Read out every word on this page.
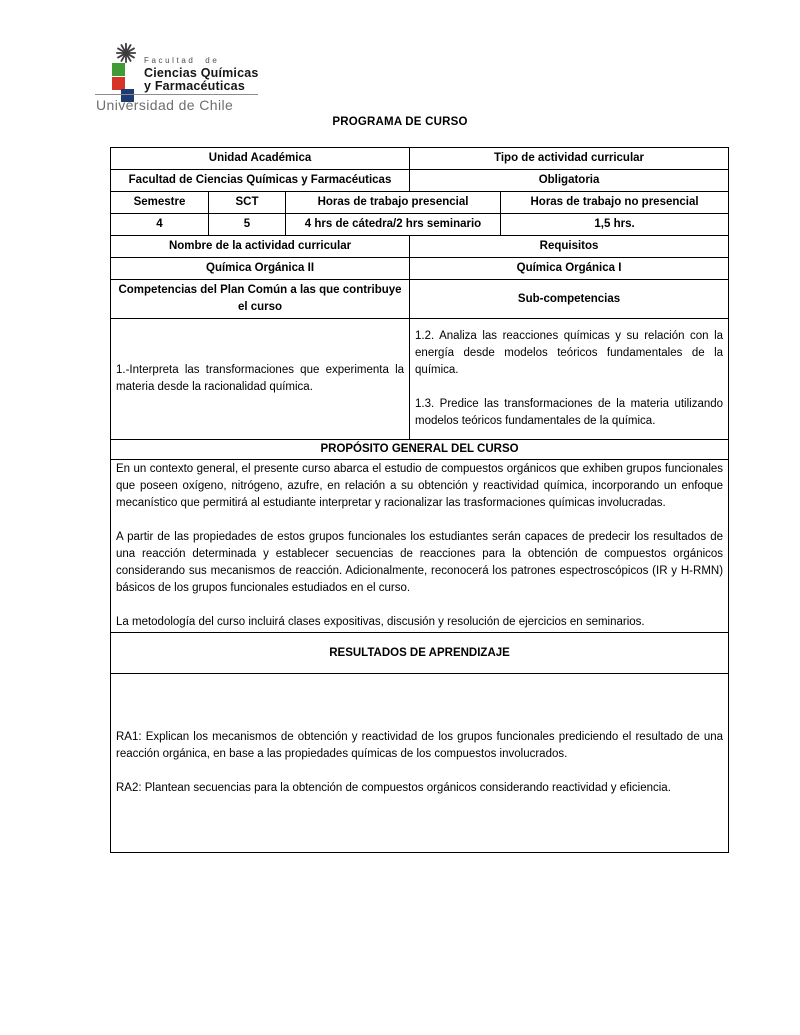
Facultad de
Ciencias Químicas
y Farmacéuticas
Universidad de Chile
PROGRAMA DE CURSO
Unidad Académica			Tipo de actividad curricular	
Facultad de Ciencias Químicas y Farmacéuticas			Obligatoria	
Semestre	SCT	Horas de trabajo presencial		Horas de trabajo no presencial
4	5	4 hrs de cátedra/2 hrs seminario		1,5 hrs.
Nombre de la actividad curricular			Requisitos	
Química Orgánica II			Química Orgánica I	
Competencias del Plan Común a las que contribuye el curso			Sub-competencias	
1.-Interpreta las transformaciones que experimenta la materia desde la racionalidad química.			1.2. Analiza las reacciones químicas y su relación con la energía desde modelos teóricos fundamentales de la química.

1.3. Predice las transformaciones de la materia utilizando modelos teóricos fundamentales de la química.	

PROPÓSITO GENERAL DEL CURSO				

En un contexto general, el presente curso abarca el estudio de compuestos orgánicos que exhiben grupos funcionales que poseen oxígeno, nitrógeno, azufre, en relación a su obtención y reactividad química, incorporando un enfoque mecanístico que permitirá al estudiante interpretar y racionalizar las trasformaciones químicas involucradas.

A partir de las propiedades de estos grupos funcionales los estudiantes serán capaces de predecir los resultados de una reacción determinada y establecer secuencias de reacciones para la obtención de compuestos orgánicos considerando sus mecanismos de reacción. Adicionalmente, reconocerá los patrones espectroscópicos (IR y H-RMN) básicos de los grupos funcionales estudiados en el curso.

La metodología del curso incluirá clases expositivas, discusión y resolución de ejercicios en seminarios.				

RESULTADOS DE APRENDIZAJE				

RA1: Explican los mecanismos de obtención y reactividad de los grupos funcionales prediciendo el resultado de una reacción orgánica, en base a las propiedades químicas de los compuestos involucrados.

RA2: Plantean secuencias para la obtención de compuestos orgánicos considerando reactividad y eficiencia.				
